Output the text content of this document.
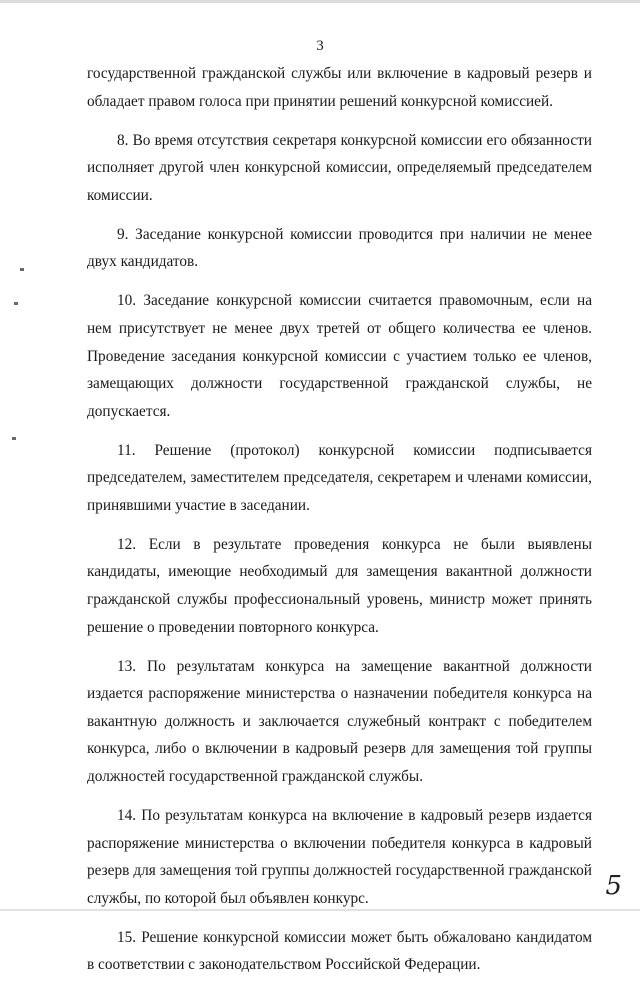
3

государственной гражданской службы или включение в кадровый резерв и обладает правом голоса при принятии решений конкурсной комиссией.

8. Во время отсутствия секретаря конкурсной комиссии его обязанности исполняет другой член конкурсной комиссии, определяемый председателем комиссии.

9. Заседание конкурсной комиссии проводится при наличии не менее двух кандидатов.

10. Заседание конкурсной комиссии считается правомочным, если на нем присутствует не менее двух третей от общего количества ее членов. Проведение заседания конкурсной комиссии с участием только ее членов, замещающих должности государственной гражданской службы, не допускается.

11. Решение (протокол) конкурсной комиссии подписывается председателем, заместителем председателя, секретарем и членами комиссии, принявшими участие в заседании.

12. Если в результате проведения конкурса не были выявлены кандидаты, имеющие необходимый для замещения вакантной должности гражданской службы профессиональный уровень, министр может принять решение о проведении повторного конкурса.

13. По результатам конкурса на замещение вакантной должности издается распоряжение министерства о назначении победителя конкурса на вакантную должность и заключается служебный контракт с победителем конкурса, либо о включении в кадровый резерв для замещения той группы должностей государственной гражданской службы.

14. По результатам конкурса на включение в кадровый резерв издается распоряжение министерства о включении победителя конкурса в кадровый резерв для замещения той группы должностей государственной гражданской службы, по которой был объявлен конкурс.

15. Решение конкурсной комиссии может быть обжаловано кандидатом в соответствии с законодательством Российской Федерации.

5
